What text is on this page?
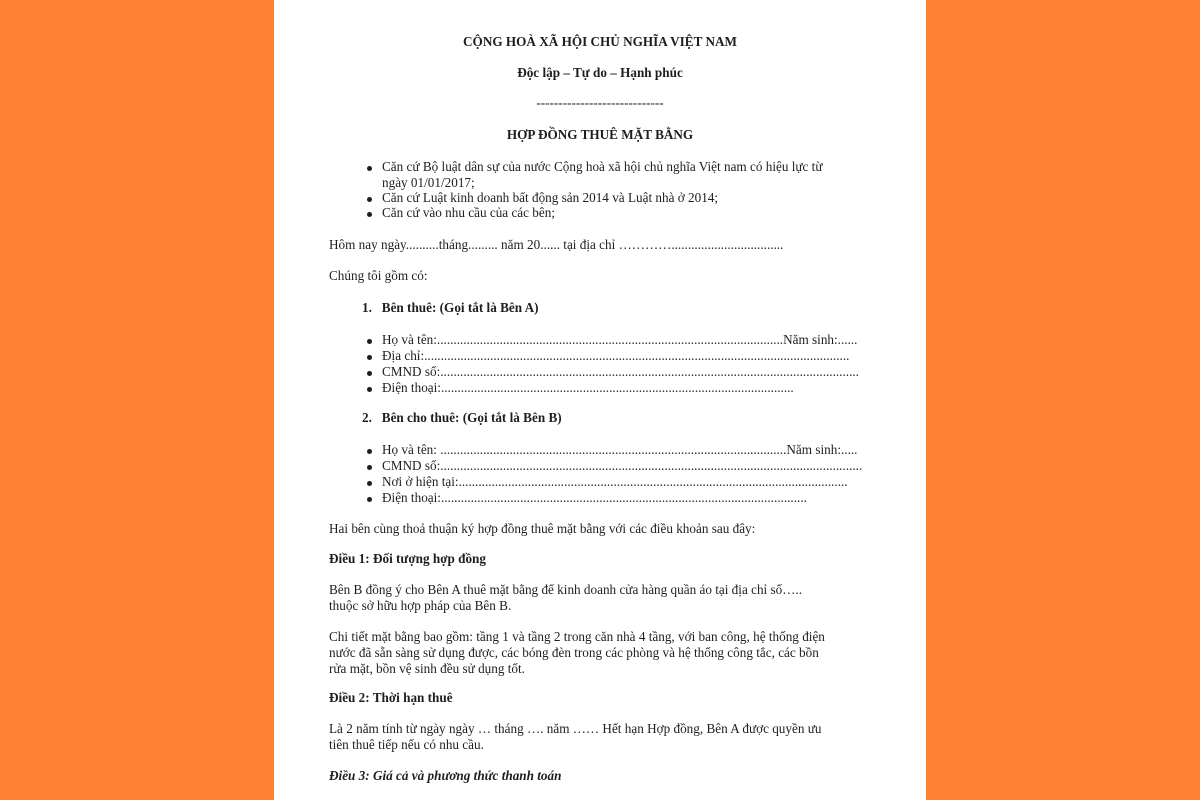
CỘNG HOÀ XÃ HỘI CHỦ NGHĨA VIỆT NAM
Độc lập – Tự do – Hạnh phúc
-----------------------------
HỢP ĐỒNG THUÊ MẶT BẰNG
Căn cứ Bộ luật dân sự của nước Cộng hoà xã hội chủ nghĩa Việt nam có hiệu lực từ
ngày 01/01/2017;
Căn cứ Luật kinh doanh bất động sản 2014 và Luật nhà ở 2014;
Căn cứ vào nhu cầu của các bên;
Hôm nay ngày..........tháng......... năm 20...... tại địa chỉ …………..................................
Chúng tôi gồm có:
1.   Bên thuê: (Gọi tắt là Bên A)
Họ và tên:.........................................................................................................Năm sinh:......
Địa chỉ:.................................................................................................................................
CMND số:...............................................................................................................................
Điện thoại:...........................................................................................................
2.   Bên cho thuê: (Gọi tắt là Bên B)
Họ và tên: .........................................................................................................Năm sinh:.....
CMND số:................................................................................................................................
Nơi ở hiện tại:......................................................................................................................
Điện thoại:...............................................................................................................
Hai bên cùng thoả thuận ký hợp đồng thuê mặt bằng với các điều khoản sau đây:
Điều 1: Đối tượng hợp đồng
Bên B đồng ý cho Bên A thuê mặt bằng để kinh doanh cửa hàng quần áo tại địa chỉ số…..
thuộc sở hữu hợp pháp của Bên B.
Chi tiết mặt bằng bao gồm: tầng 1 và tầng 2 trong căn nhà 4 tầng, với ban công, hệ thống điện
nước đã sẵn sàng sử dụng được, các bóng đèn trong các phòng và hệ thống công tắc, các bồn
rửa mặt, bồn vệ sinh đều sử dụng tốt.
Điều 2: Thời hạn thuê
Là 2 năm tính từ ngày ngày … tháng …. năm …… Hết hạn Hợp đồng, Bên A được quyền ưu
tiên thuê tiếp nếu có nhu cầu.
Điều 3: Giá cả và phương thức thanh toán
